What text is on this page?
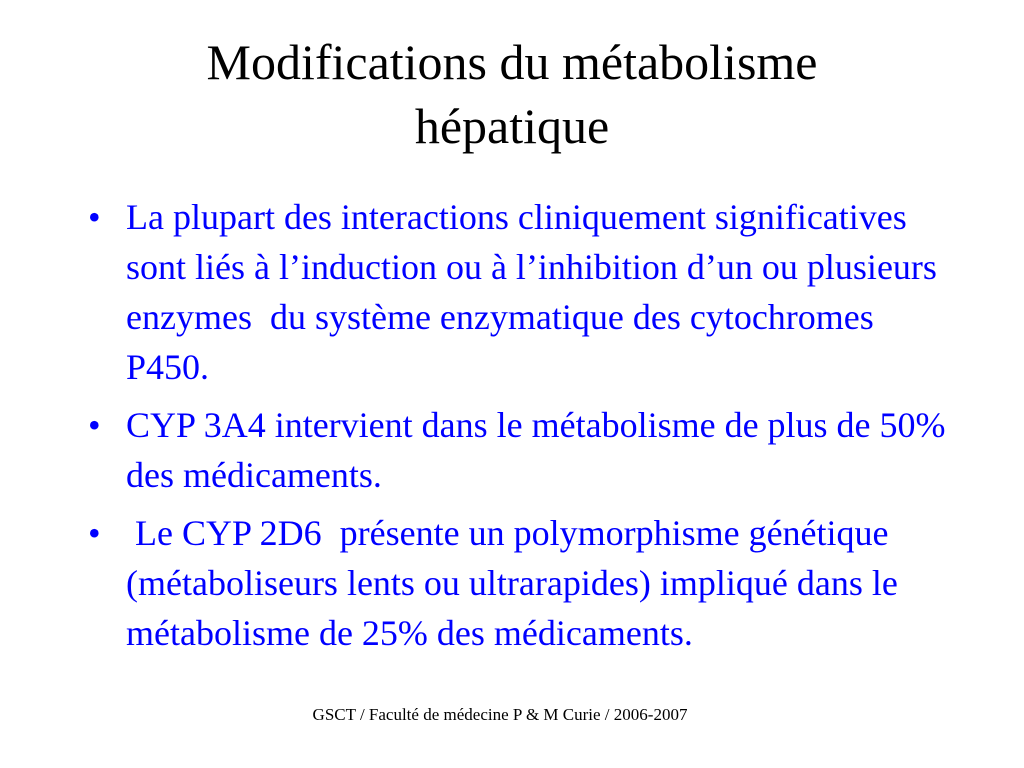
Modifications du métabolisme
hépatique
• La plupart des interactions cliniquement significatives sont liés à l’induction ou à l’inhibition d’un ou plusieurs enzymes  du système enzymatique des cytochromes P450.
• CYP 3A4 intervient dans le métabolisme de plus de 50% des médicaments.
• Le CYP 2D6  présente un polymorphisme génétique (métaboliseurs lents ou ultrarapides) impliqué dans le métabolisme de 25% des médicaments.
GSCT / Faculté de médecine P & M Curie / 2006-2007
